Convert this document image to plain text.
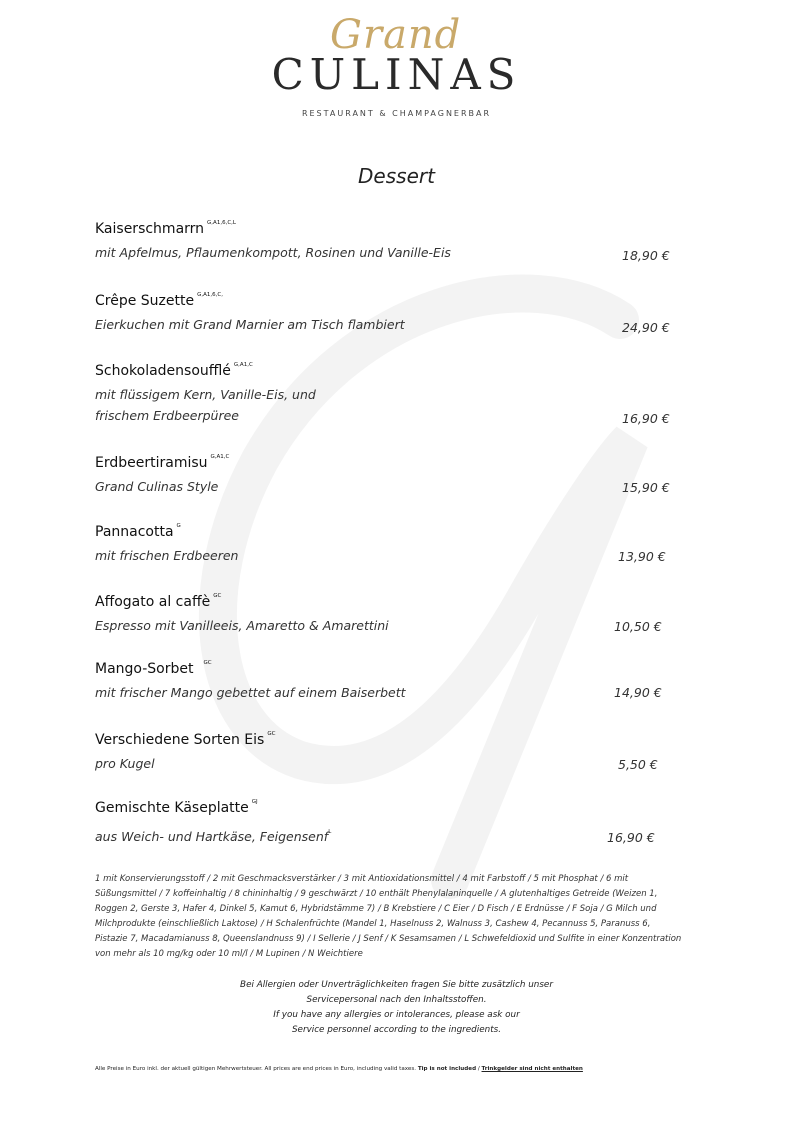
Grand
CULINAS
RESTAURANT & CHAMPAGNERBAR
Dessert
Kaiserschmarrn $^{G,A1,6,C,L}$
mit Apfelmus, Pflaumenkompott, Rosinen und Vanille-Eis	18,90 €
Crêpe Suzette $^{G,A1,6,C,}$
Eierkuchen mit Grand Marnier am Tisch flambiert	24,90 €
Schokoladensoufflé $^{G,A1,C}$
mit flüssigem Kern, Vanille-Eis, und
frischem Erdbeerpüree	16,90 €
Erdbeertiramisu $^{G,A1,C}$
Grand Culinas Style	15,90 €
Pannacotta $^G$
mit frischen Erdbeeren	13,90 €
Affogato al caffè $^{GC}$
Espresso mit Vanilleeis, Amaretto & Amarettini	10,50 €
Mango-Sorbet $^{GC}$
mit frischer Mango gebettet auf einem Baiserbett	14,90 €
Verschiedene Sorten Eis $^{GC}$
pro Kugel	5,50 €
Gemischte Käseplatte $^{GJ}$
aus Weich- und Hartkäse, Feigensenf$^L$	16,90 €
1 mit Konservierungsstoff / 2 mit Geschmacksverstärker / 3 mit Antioxidationsmittel / 4 mit Farbstoff / 5 mit Phosphat / 6 mit Süßungsmittel / 7 koffeinhaltig / 8 chininhaltig / 9 geschwärzt / 10 enthält Phenylalaninquelle / A glutenhaltiges Getreide (Weizen 1, Roggen 2, Gerste 3, Hafer 4, Dinkel 5, Kamut 6, Hybridstämme 7) / B Krebstiere / C Eier / D Fisch / E Erdnüsse / F Soja / G Milch und Milchprodukte (einschließlich Laktose) / H Schalenfrüchte (Mandel 1, Haselnuss 2, Walnuss 3, Cashew 4, Pecannuss 5, Paranuss 6, Pistazie 7, Macadamianuss 8, Queenslandnuss 9) / I Sellerie / J Senf / K Sesamsamen / L Schwefeldioxid und Sulfite in einer Konzentration von mehr als 10 mg/kg oder 10 ml/l / M Lupinen / N Weichtiere
Bei Allergien oder Unverträglichkeiten fragen Sie bitte zusätzlich unser
Servicepersonal nach den Inhaltsstoffen.
If you have any allergies or intolerances, please ask our
Service personnel according to the ingredients.
Alle Preise in Euro inkl. der aktuell gültigen Mehrwertsteuer. All prices are end prices in Euro, including valid taxes. Tip is not included / Trinkgelder sind nicht enthalten
